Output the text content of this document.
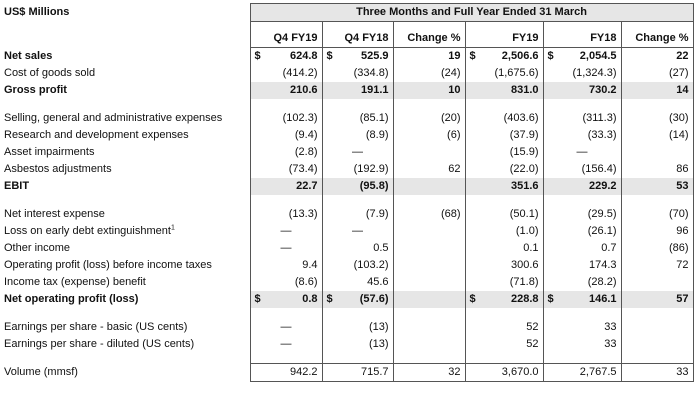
US$ Millions	Three Months and Full Year Ended 31 March					
	Q4 FY19	Q4 FY18	Change %	FY19	FY18	Change %
Net sales	$ 624.8	$ 525.9	19	$ 2,506.6	$ 2,054.5	22
Cost of goods sold	(414.2)	(334.8)	(24)	(1,675.6)	(1,324.3)	(27)
Gross profit	210.6	191.1	10	831.0	730.2	14

Selling, general and administrative expenses	(102.3)	(85.1)	(20)	(403.6)	(311.3)	(30)
Research and development expenses	(9.4)	(8.9)	(6)	(37.9)	(33.3)	(14)
Asset impairments	(2.8)	—		(15.9)	—	
Asbestos adjustments	(73.4)	(192.9)	62	(22.0)	(156.4)	86
EBIT	22.7	(95.8)		351.6	229.2	53

Net interest expense	(13.3)	(7.9)	(68)	(50.1)	(29.5)	(70)
Loss on early debt extinguishment$^1$	—	—		(1.0)	(26.1)	96
Other income	—	0.5		0.1	0.7	(86)
Operating profit (loss) before income taxes	9.4	(103.2)		300.6	174.3	72
Income tax (expense) benefit	(8.6)	45.6		(71.8)	(28.2)	
Net operating profit (loss)	$ 0.8	$ (57.6)		$ 228.8	$ 146.1	57

Earnings per share - basic (US cents)	—	(13)		52	33	
Earnings per share - diluted (US cents)	—	(13)		52	33	

Volume (mmsf)	942.2	715.7	32	3,670.0	2,767.5	33
